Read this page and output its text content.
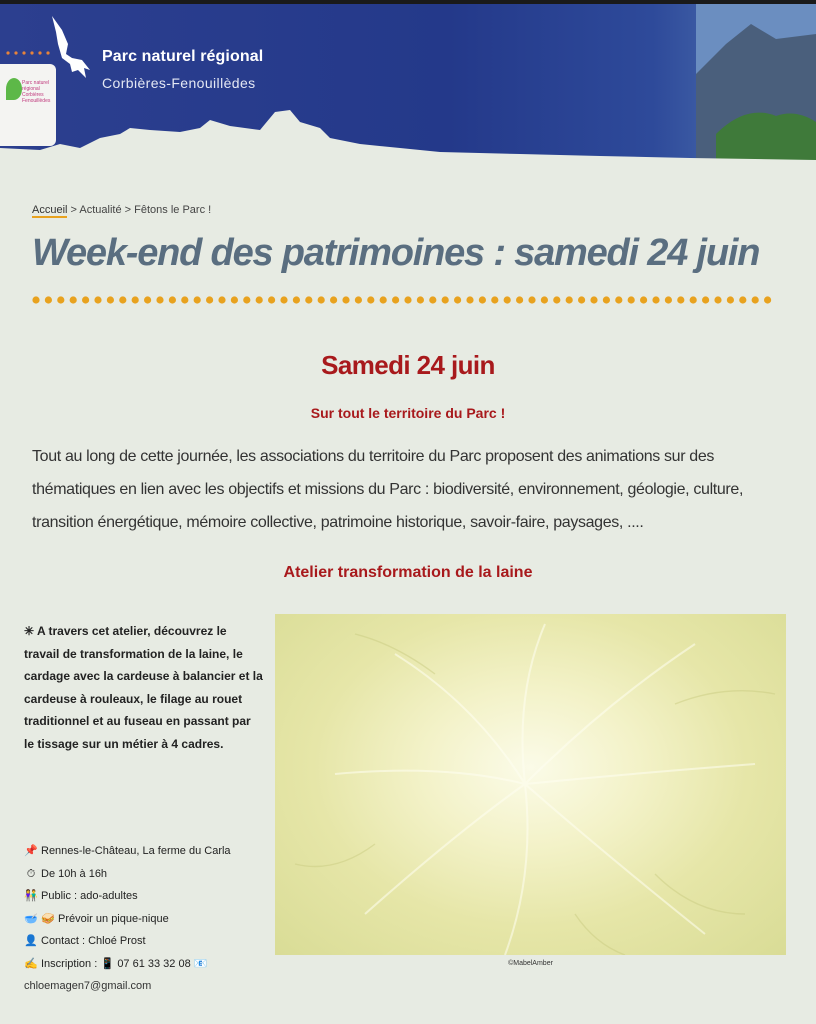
Parc naturel régional Corbières Fenouillèdes
Parc naturel régional
Corbières-Fenouillèdes
Accueil > Actualité > Fêtons le Parc !
Week-end des patrimoines : samedi 24 juin
Samedi 24 juin
Sur tout le territoire du Parc !

Tout au long de cette journée, les associations du territoire du Parc proposent des animations sur des thématiques en lien avec les objectifs et missions du Parc : biodiversité, environnement, géologie, culture, transition énergétique, mémoire collective, patrimoine historique, savoir-faire, paysages, ....

Atelier transformation de la laine

✳ A travers cet atelier, découvrez le travail de transformation de la laine, le cardage avec la cardeuse à balancier et la cardeuse à rouleaux, le filage au rouet traditionnel et au fuseau en passant par le tissage sur un métier à 4 cadres.

📌 Rennes-le-Château, La ferme du Carla
⏱ De 10h à 16h
👫 Public : ado-adultes
🥣 🥪 Prévoir un pique-nique
👤 Contact : Chloé Prost
✍ Inscription : 📱 07 61 33 32 08 📧
chloemagen7@gmail.com
©MabelAmber
